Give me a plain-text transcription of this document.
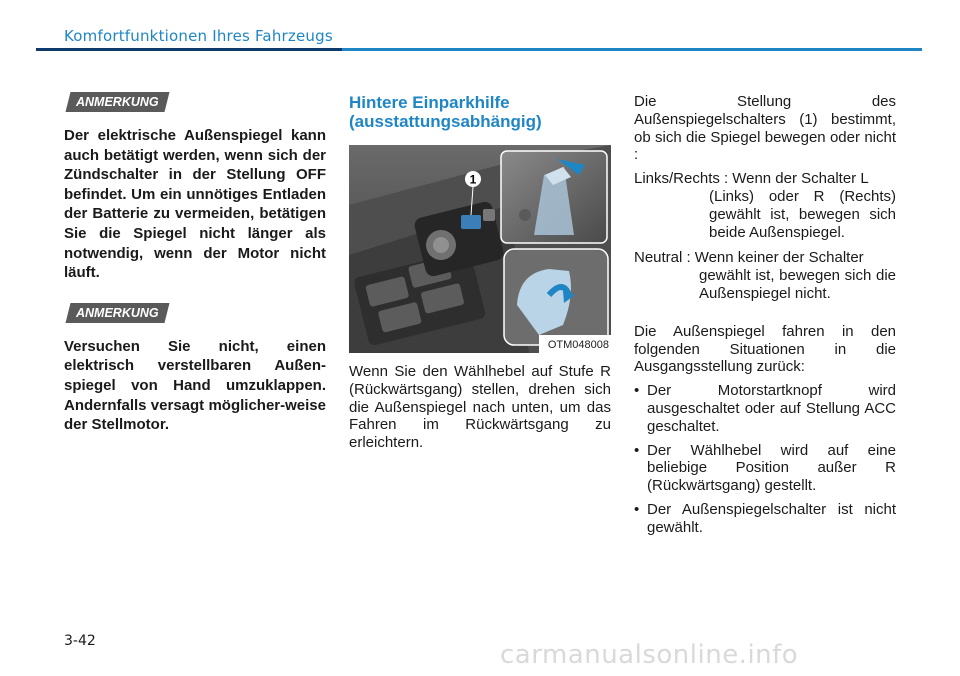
Komfortfunktionen Ihres Fahrzeugs
ANMERKUNG

Der elektrische Außenspiegel kann auch betätigt werden, wenn sich der Zündschalter in der Stellung OFF befindet. Um ein unnötiges Entladen der Batterie zu vermeiden, betätigen Sie die Spiegel nicht länger als notwendig, wenn der Motor nicht läuft.

ANMERKUNG

Versuchen Sie nicht, einen elektrisch verstellbaren Außen-spiegel von Hand umzuklappen. Andernfalls versagt möglicher-weise der Stellmotor.

Hintere Einparkhilfe (ausstattungsabhängig)
1
OTM048008

Wenn Sie den Wählhebel auf Stufe R (Rückwärtsgang) stellen, drehen sich die Außenspiegel nach unten, um das Fahren im Rückwärtsgang zu erleichtern.

Die Stellung des Außenspiegelschalters (1) bestimmt, ob sich die Spiegel bewegen oder nicht :

Links/Rechts : Wenn der Schalter L
(Links) oder R (Rechts) gewählt ist, bewegen sich beide Außenspiegel.
Neutral : Wenn keiner der Schalter
gewählt ist, bewegen sich die Außenspiegel nicht.

Die Außenspiegel fahren in den folgenden Situationen in die Ausgangsstellung zurück:

• Der Motorstartknopf wird ausgeschaltet oder auf Stellung ACC geschaltet.
• Der Wählhebel wird auf eine beliebige Position außer R (Rückwärtsgang) gestellt.
• Der Außenspiegelschalter ist nicht gewählt.
3-42	carmanualsonline.info
